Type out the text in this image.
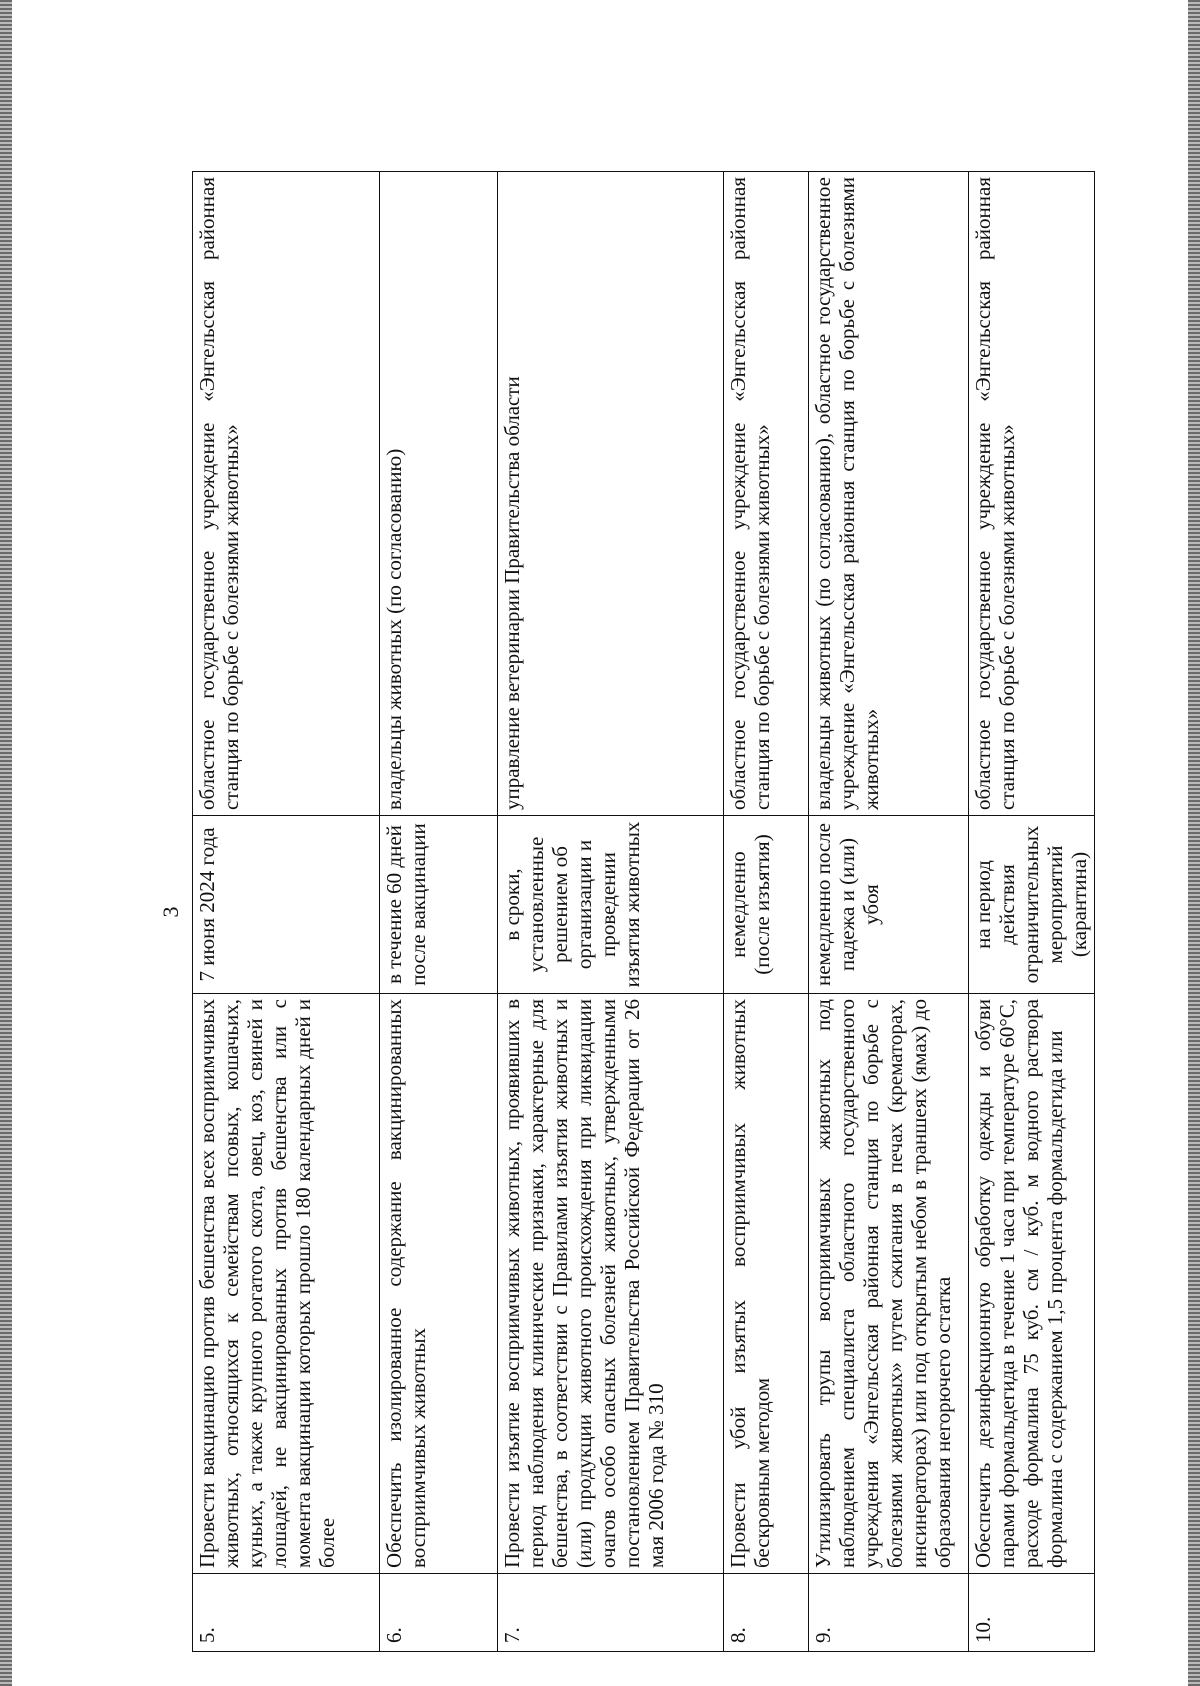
3
5.	Провести вакцинацию против бешенства всех восприимчивых животных, относящихся к семействам псовых, кошачьих, куньих, а также крупного рогатого скота, овец, коз, свиней и лошадей, не вакцинированных против бешенства или с момента вакцинации которых прошло 180 календарных дней и более	7 июня 2024 года	областное государственное учреждение «Энгельсская районная станция по борьбе с болезнями животных»
6.	Обеспечить изолированное содержание вакцинированных восприимчивых животных	в течение 60 дней после вакцинации	владельцы животных (по согласованию)
7.	Провести изъятие восприимчивых животных, проявивших в период наблюдения клинические признаки, характерные для бешенства, в соответствии с Правилами изъятия животных и (или) продукции животного происхождения при ликвидации очагов особо опасных болезней животных, утвержденными постановлением Правительства Российской Федерации от 26 мая 2006 года № 310	в сроки, установленные решением об организации и проведении изъятия животных	управление ветеринарии Правительства области
8.	Провести убой изъятых восприимчивых животных бескровным методом	немедленно (после изъятия)	областное государственное учреждение «Энгельсская районная станция по борьбе с болезнями животных»
9.	Утилизировать трупы восприимчивых животных под наблюдением специалиста областного государственного учреждения «Энгельсская районная станция по борьбе с болезнями животных» путем сжигания в печах (крематорах, инсинераторах) или под открытым небом в траншеях (ямах) до образования негорючего остатка	немедленно после падежа и (или) убоя	владельцы животных (по согласованию), областное государственное учреждение «Энгельсская районная станция по борьбе с болезнями животных»
10.	Обеспечить дезинфекционную обработку одежды и обуви парами формальдегида в течение 1 часа при температуре 60°С, расходе формалина 75 куб. см / куб. м водного раствора формалина с содержанием 1,5 процента формальдегида или	на период действия ограничительных мероприятий (карантина)	областное государственное учреждение «Энгельсская районная станция по борьбе с болезнями животных»
